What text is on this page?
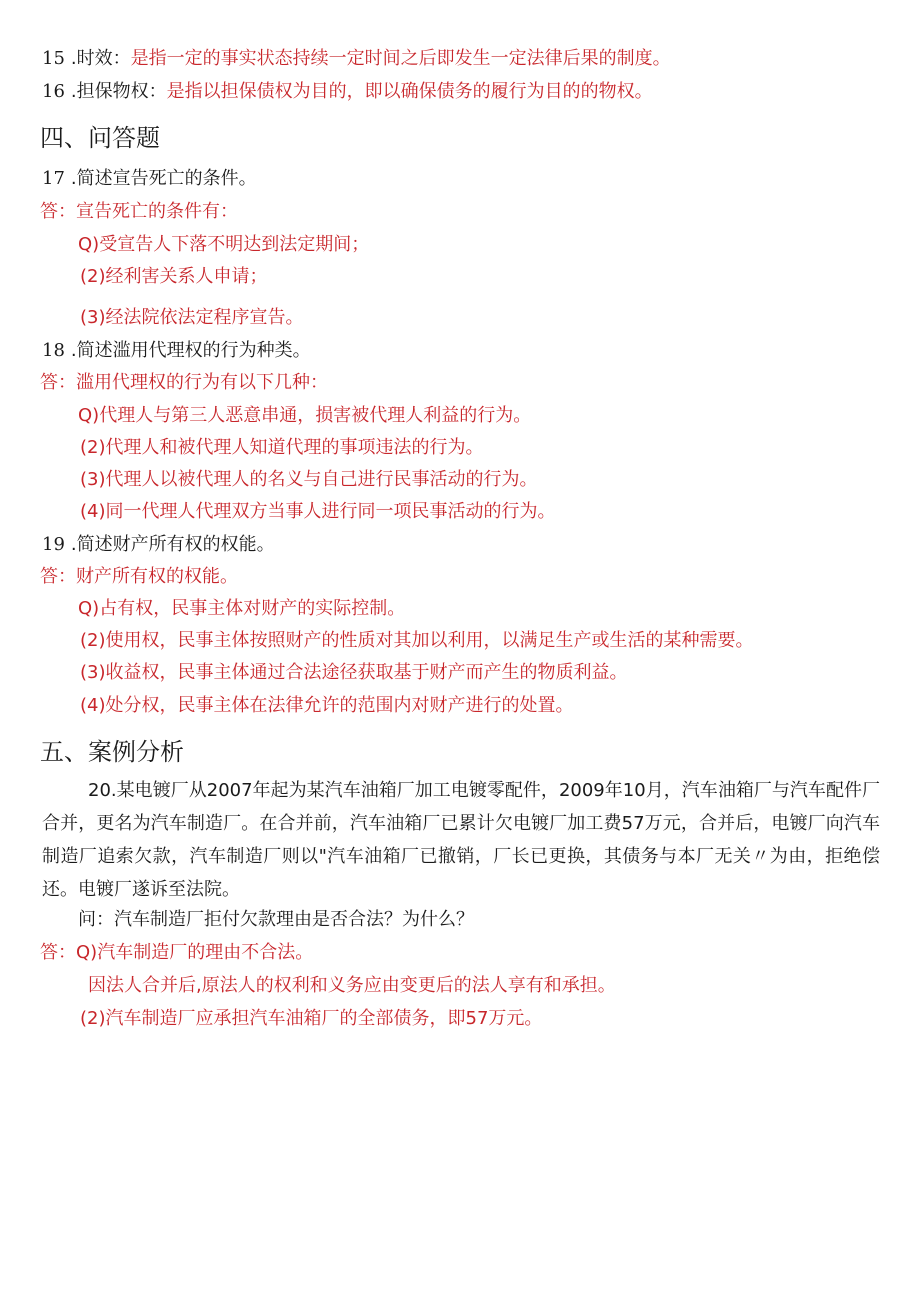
15 .时效：是指一定的事实状态持续一定时间之后即发生一定法律后果的制度。
16 .担保物权：是指以担保债权为目的，即以确保债务的履行为目的的物权。
四、问答题
17 .简述宣告死亡的条件。
答：宣告死亡的条件有：
Q)受宣告人下落不明达到法定期间；
(2)经利害关系人申请；
(3)经法院依法定程序宣告。
18 .简述滥用代理权的行为种类。
答：滥用代理权的行为有以下几种：
Q)代理人与第三人恶意串通，损害被代理人利益的行为。
(2)代理人和被代理人知道代理的事项违法的行为。
(3)代理人以被代理人的名义与自己进行民事活动的行为。
(4)同一代理人代理双方当事人进行同一项民事活动的行为。
19 .简述财产所有权的权能。
答：财产所有权的权能。
Q)占有权，民事主体对财产的实际控制。
(2)使用权，民事主体按照财产的性质对其加以利用，以满足生产或生活的某种需要。
(3)收益权，民事主体通过合法途径获取基于财产而产生的物质利益。
(4)处分权，民事主体在法律允许的范围内对财产进行的处置。
五、案例分析
20.某电镀厂从2007年起为某汽车油箱厂加工电镀零配件，2009年10月，汽车油箱厂与汽车配件厂合并，更名为汽车制造厂。在合并前，汽车油箱厂已累计欠电镀厂加工费57万元，合并后，电镀厂向汽车制造厂追索欠款，汽车制造厂则以"汽车油箱厂已撤销，厂长已更换，其债务与本厂无关〃为由，拒绝偿还。电镀厂遂诉至法院。
问：汽车制造厂拒付欠款理由是否合法？为什么？
答：Q)汽车制造厂的理由不合法。
因法人合并后,原法人的权利和义务应由变更后的法人享有和承担。
(2)汽车制造厂应承担汽车油箱厂的全部债务，即57万元。
